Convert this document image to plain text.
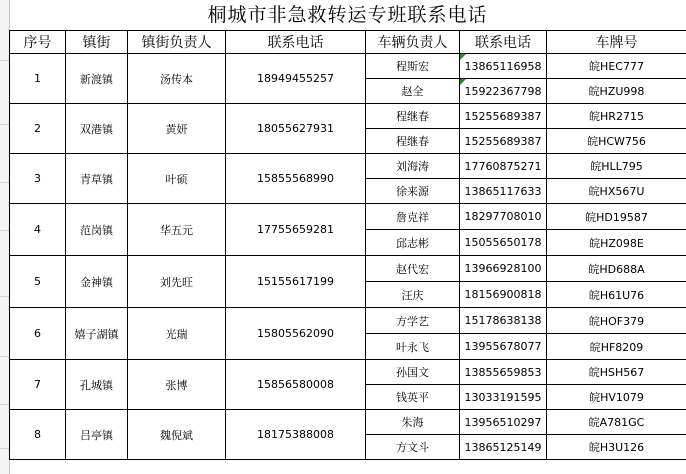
桐城市非急救转运专班联系电话
序号	镇街	镇街负责人	联系电话	车辆负责人	联系电话	车牌号
1	新渡镇	汤传本	18949455257	程斯宏	13865116958	皖HEC777
				赵全	15922367798	皖HZU998
2	双港镇	黄妍	18055627931	程继春	15255689387	皖HR2715
				程继春	15255689387	皖HCW756
3	青草镇	叶硕	15855568990	刘海涛	17760875271	皖HLL795
				徐来源	13865117633	皖HX567U
4	范岗镇	华五元	17755659281	詹克祥	18297708010	皖HD19587
				邱志彬	15055650178	皖HZ098E
5	金神镇	刘先旺	15155617199	赵代宏	13966928100	皖HD688A
				汪庆	18156900818	皖H61U76
6	嬉子湖镇	光瑞	15805562090	方学艺	15178638138	皖HOF379
				叶永飞	13955678077	皖HF8209
7	孔城镇	张博	15856580008	孙国文	13855659853	皖HSH567
				钱英平	13033191595	皖HV1079
8	吕亭镇	魏倪斌	18175388008	朱海	13956510297	皖A781GC
				方文斗	13865125149	皖H3U126
